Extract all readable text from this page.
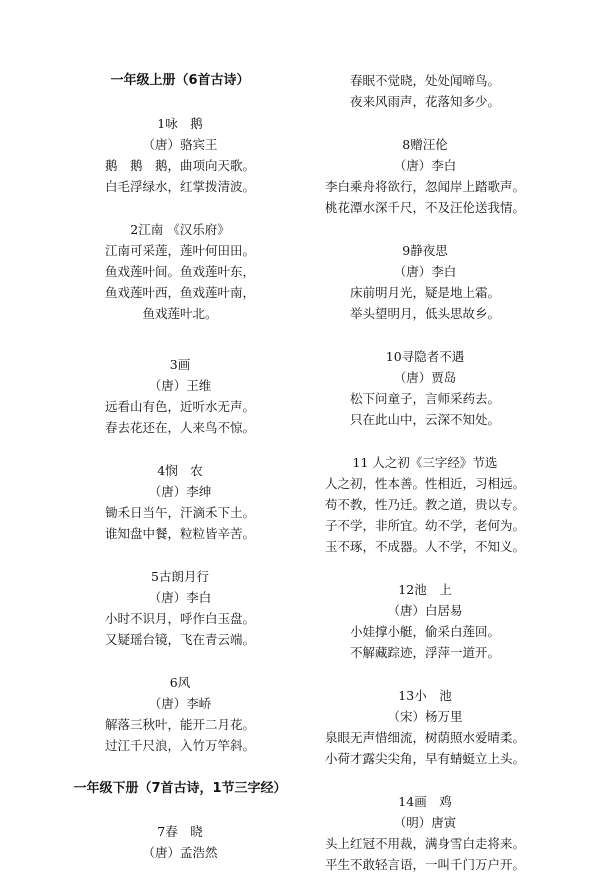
一年级上册（6首古诗）
1咏　鹅
（唐）骆宾王
鹅　鹅　鹅，曲项向天歌。
白毛浮绿水，红掌拨清波。
2江南 《汉乐府》
江南可采莲，莲叶何田田。
鱼戏莲叶间。鱼戏莲叶东，
鱼戏莲叶西，鱼戏莲叶南，
鱼戏莲叶北。
3画
（唐）王维
远看山有色，近听水无声。
春去花还在，人来鸟不惊。
4悯　农
（唐）李绅
锄禾日当午，汗滴禾下土。
谁知盘中餐，粒粒皆辛苦。
5古朗月行
（唐）李白
小时不识月，呼作白玉盘。
又疑瑶台镜，飞在青云端。
6风
（唐）李峤
解落三秋叶，能开二月花。
过江千尺浪，入竹万竿斜。
一年级下册（7首古诗，1节三字经）
7春　晓
（唐）孟浩然
春眠不觉晓，处处闻啼鸟。
夜来风雨声，花落知多少。
8赠汪伦
（唐）李白
李白乘舟将欲行，忽闻岸上踏歌声。
桃花潭水深千尺，不及汪伦送我情。
9静夜思
（唐）李白
床前明月光，疑是地上霜。
举头望明月，低头思故乡。
10寻隐者不遇
（唐）贾岛
松下问童子，言师采药去。
只在此山中，云深不知处。
11 人之初《三字经》节选
人之初，性本善。性相近，习相远。
苟不教，性乃迁。教之道，贵以专。
子不学，非所宜。幼不学，老何为。
玉不琢，不成器。人不学，不知义。
12池　上
（唐）白居易
小娃撑小艇，偷采白莲回。
不解藏踪迹，浮萍一道开。
13小　池
（宋）杨万里
泉眼无声惜细流，树荫照水爱晴柔。
小荷才露尖尖角，早有蜻蜓立上头。
14画　鸡
（明）唐寅
头上红冠不用裁，满身雪白走将来。
平生不敢轻言语，一叫千门万户开。
